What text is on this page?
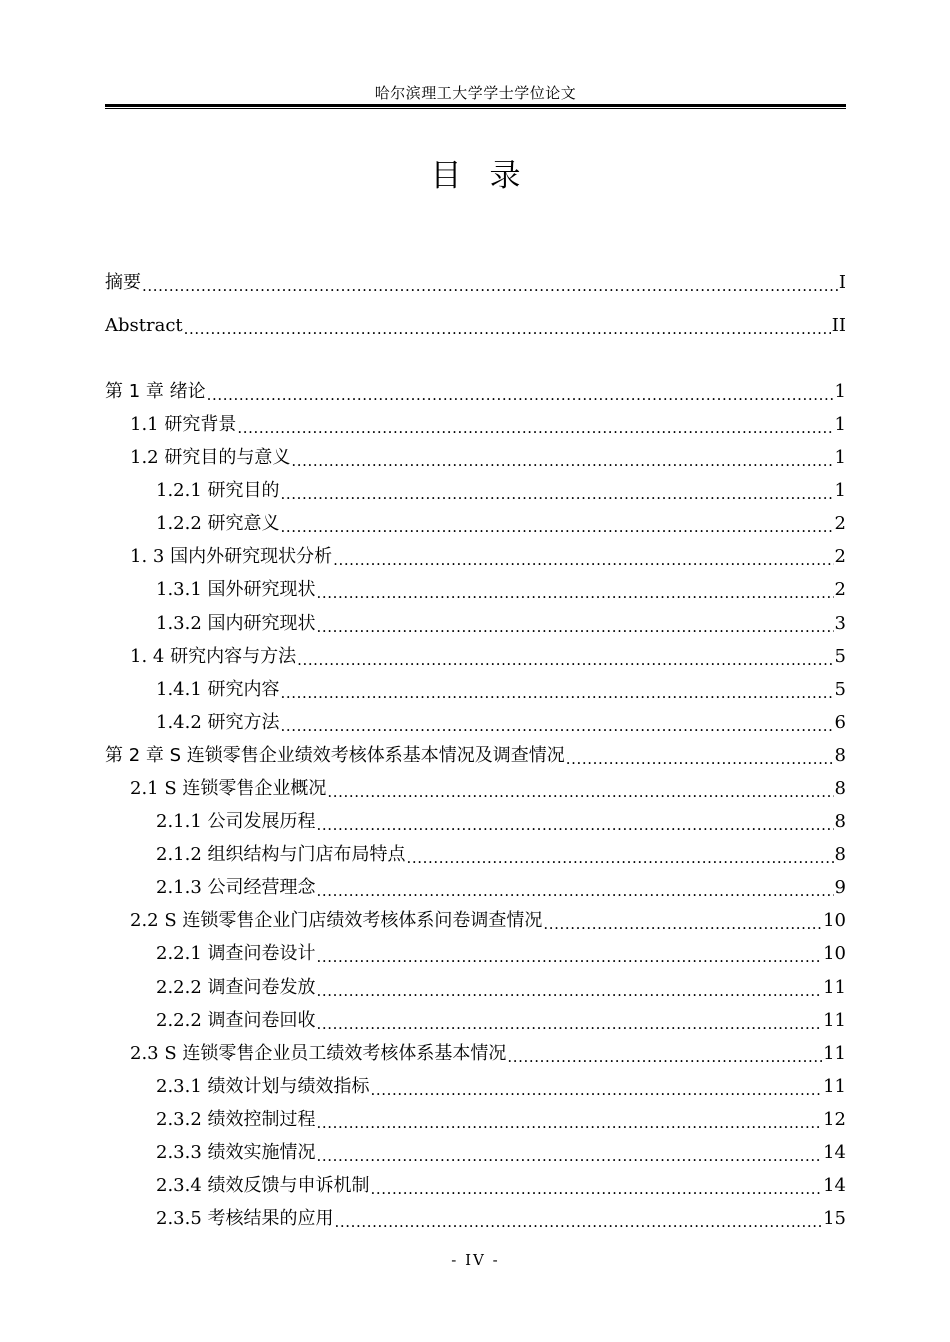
哈尔滨理工大学学士学位论文
目录
摘要 .....	I
Abstract .....	II
第 1 章 绪论 .....	1
1.1 研究背景 .....	1
1.2 研究目的与意义 .....	1
1.2.1 研究目的 .....	1
1.2.2 研究意义 .....	2
1. 3 国内外研究现状分析 .....	2
1.3.1 国外研究现状 .....	2
1.3.2 国内研究现状 .....	3
1. 4 研究内容与方法 .....	5
1.4.1 研究内容 .....	5
1.4.2 研究方法 .....	6
第 2 章 S 连锁零售企业绩效考核体系基本情况及调查情况 .....	8
2.1 S 连锁零售企业概况 .....	8
2.1.1 公司发展历程 .....	8
2.1.2 组织结构与门店布局特点 .....	8
2.1.3 公司经营理念 .....	9
2.2 S 连锁零售企业门店绩效考核体系问卷调查情况 .....	10
2.2.1 调查问卷设计 .....	10
2.2.2 调查问卷发放 .....	11
2.2.2 调查问卷回收 .....	11
2.3 S 连锁零售企业员工绩效考核体系基本情况 .....	11
2.3.1 绩效计划与绩效指标 .....	11
2.3.2 绩效控制过程 .....	12
2.3.3 绩效实施情况 .....	14
2.3.4 绩效反馈与申诉机制 .....	14
2.3.5 考核结果的应用 .....	15
- IV -
